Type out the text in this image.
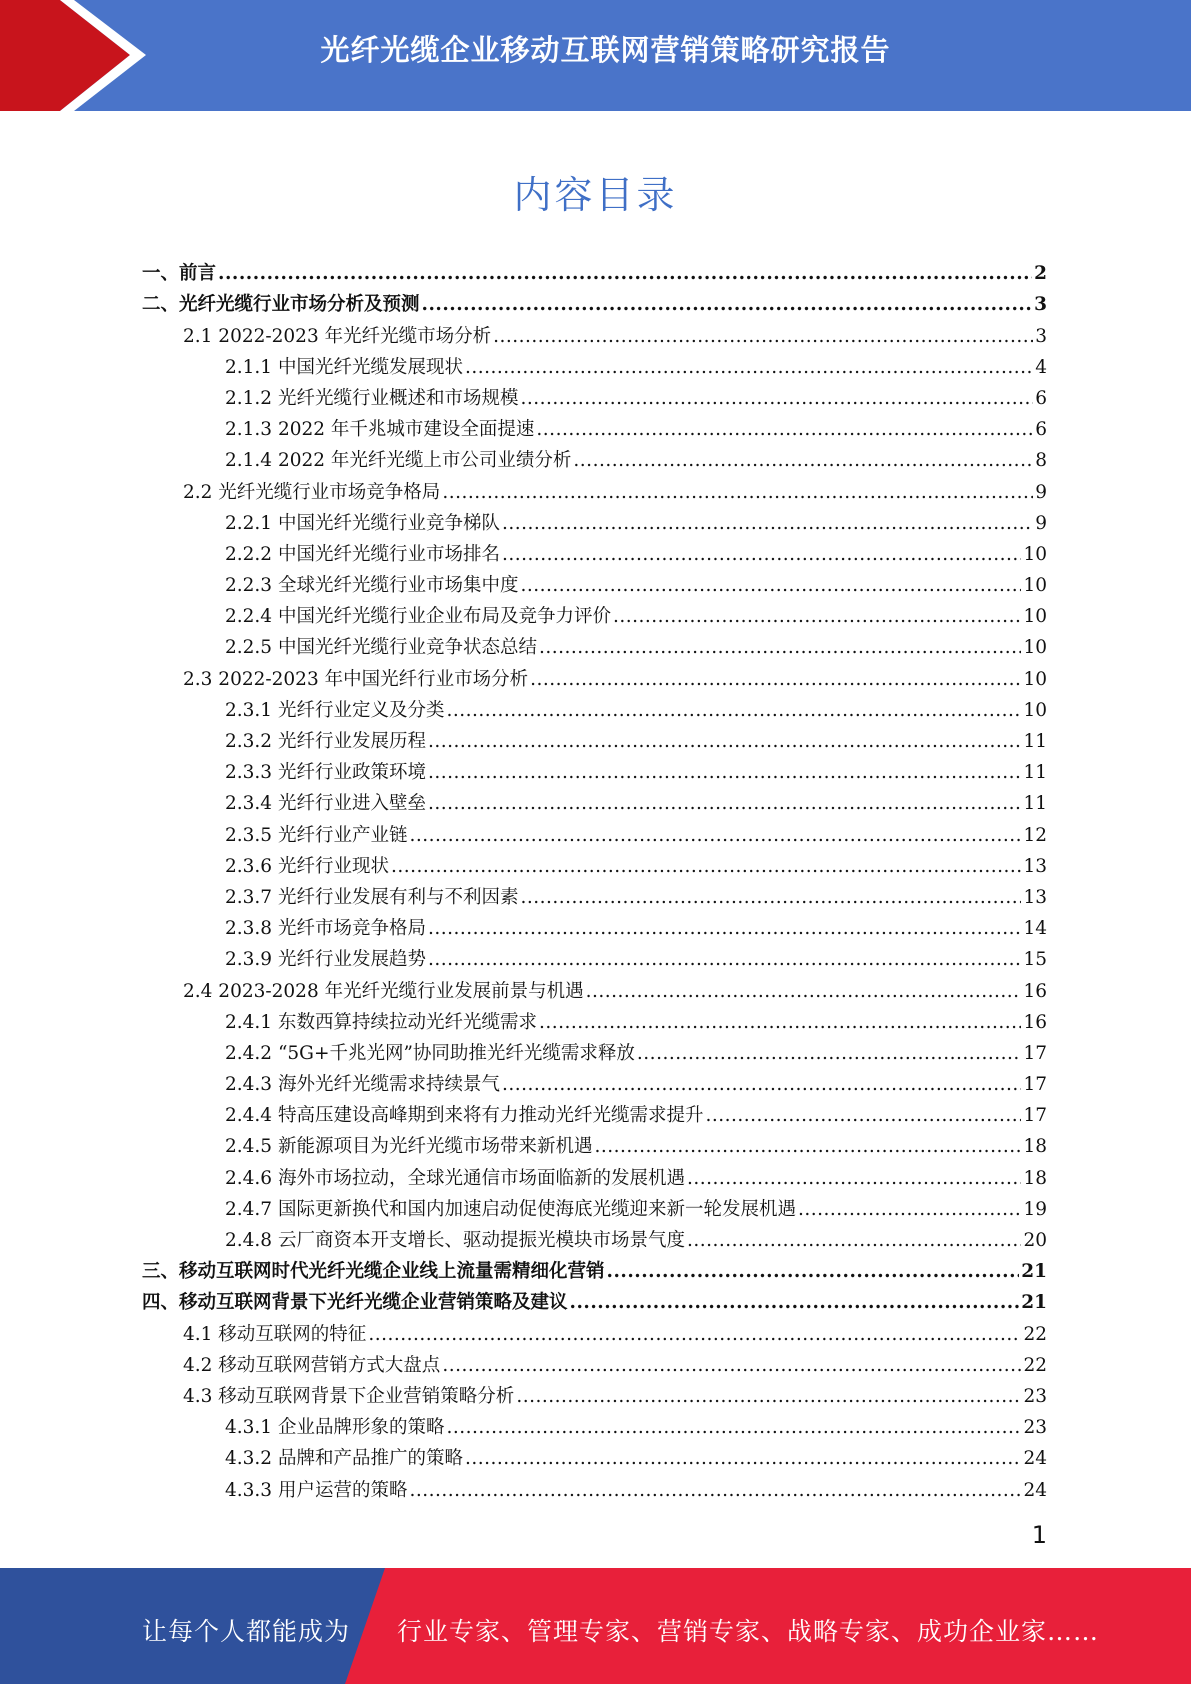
光纤光缆企业移动互联网营销策略研究报告
内容目录
一、前言 .....	2
二、光纤光缆行业市场分析及预测 .....	3
2.1 2022-2023 年光纤光缆市场分析 .....	3
2.1.1 中国光纤光缆发展现状 .....	4
2.1.2 光纤光缆行业概述和市场规模 .....	6
2.1.3 2022 年千兆城市建设全面提速 .....	6
2.1.4 2022 年光纤光缆上市公司业绩分析 .....	8
2.2 光纤光缆行业市场竞争格局 .....	9
2.2.1 中国光纤光缆行业竞争梯队 .....	9
2.2.2 中国光纤光缆行业市场排名 .....	10
2.2.3 全球光纤光缆行业市场集中度 .....	10
2.2.4 中国光纤光缆行业企业布局及竞争力评价 .....	10
2.2.5 中国光纤光缆行业竞争状态总结 .....	10
2.3 2022-2023 年中国光纤行业市场分析 .....	10
2.3.1 光纤行业定义及分类 .....	10
2.3.2 光纤行业发展历程 .....	11
2.3.3 光纤行业政策环境 .....	11
2.3.4 光纤行业进入壁垒 .....	11
2.3.5 光纤行业产业链 .....	12
2.3.6 光纤行业现状 .....	13
2.3.7 光纤行业发展有利与不利因素 .....	13
2.3.8 光纤市场竞争格局 .....	14
2.3.9 光纤行业发展趋势 .....	15
2.4 2023-2028 年光纤光缆行业发展前景与机遇 .....	16
2.4.1 东数西算持续拉动光纤光缆需求 .....	16
2.4.2 “5G+千兆光网”协同助推光纤光缆需求释放 .....	17
2.4.3 海外光纤光缆需求持续景气 .....	17
2.4.4 特高压建设高峰期到来将有力推动光纤光缆需求提升 .....	17
2.4.5 新能源项目为光纤光缆市场带来新机遇 .....	18
2.4.6 海外市场拉动，全球光通信市场面临新的发展机遇 .....	18
2.4.7 国际更新换代和国内加速启动促使海底光缆迎来新一轮发展机遇 .....	19
2.4.8 云厂商资本开支增长、驱动提振光模块市场景气度 .....	20
三、移动互联网时代光纤光缆企业线上流量需精细化营销 .....	21
四、移动互联网背景下光纤光缆企业营销策略及建议 .....	21
4.1 移动互联网的特征 .....	22
4.2 移动互联网营销方式大盘点 .....	22
4.3 移动互联网背景下企业营销策略分析 .....	23
4.3.1 企业品牌形象的策略 .....	23
4.3.2 品牌和产品推广的策略 .....	24
4.3.3 用户运营的策略 .....	24
1
让每个人都能成为 行业专家、管理专家、营销专家、战略专家、成功企业家……
